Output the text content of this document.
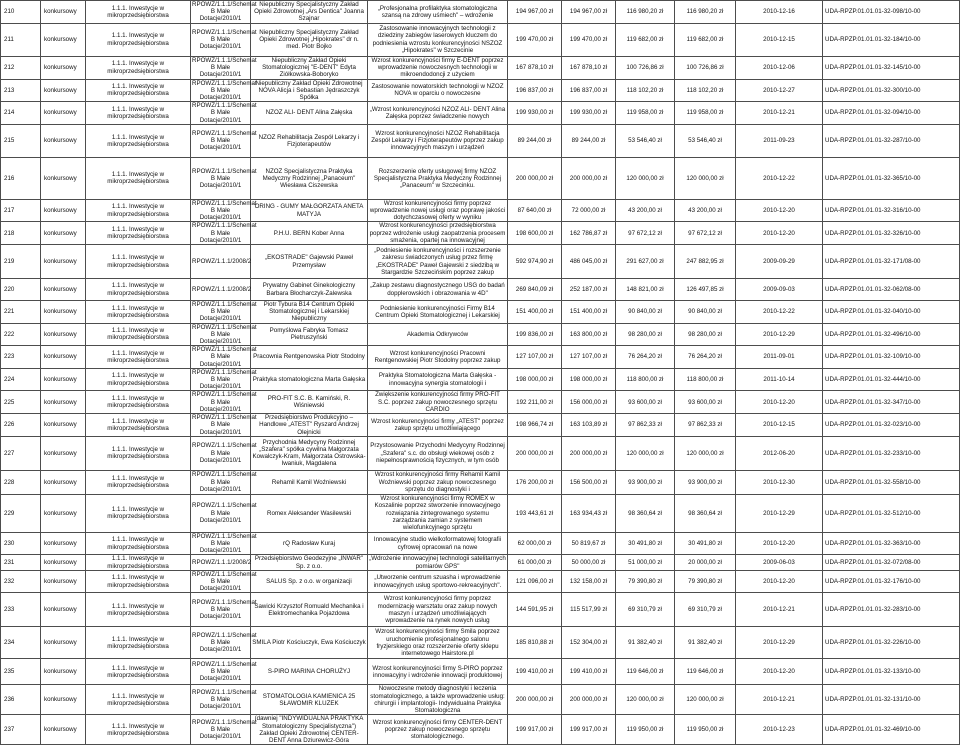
210	konkursowy	1.1.1. Inwestycje w mikroprzedsiębiorstwa	RPOWZ/1.1.1/Schemat B Małe Dotacje/2010/1	Niepubliczny Specjalistyczny Zakład Opieki Zdrowotnej „Ars Dentica" Joanna Szajnar	„Profesjonalna profilaktyka stomatologiczna szansą na zdrowy uśmiech" – wdrożenie	194 967,00 zł	194 967,00 zł	116 980,20 zł	116 980,20 zł	2010-12-16	UDA-RPZP.01.01.01-32-098/10-00

211	konkursowy	1.1.1. Inwestycje w mikroprzedsiębiorstwa	RPOWZ/1.1.1/Schemat B Małe Dotacje/2010/1	Niepubliczny Specjalistyczny Zakład Opieki Zdrowotnej „Hipokrates" dr n. med. Piotr Bojko	Zastosowanie innowacyjnych technologii z dziedziny zabiegów laserowych kluczem do podniesienia wzrostu konkurencyjności NSZOZ „Hipokrates" w Szczecinie	199 470,00 zł	199 470,00 zł	119 682,00 zł	119 682,00 zł	2010-12-15	UDA-RPZP.01.01.01-32-184/10-00

212	konkursowy	1.1.1. Inwestycje w mikroprzedsiębiorstwa	RPOWZ/1.1.1/Schemat B Małe Dotacje/2010/1	Niepubliczny Zakład Opieki Stomatologicznej "E-DENT" Edyta Ziółkowska-Boboryko	Wzrost konkurencyjności firmy E-DENT poprzez wprowadzenie nowoczesnych technologii w mikroendodoncji z użyciem	167 878,10 zł	167 878,10 zł	100 726,86 zł	100 726,86 zł	2010-12-06	UDA-RPZP.01.01.01-32-145/10-00

213	konkursowy	1.1.1. Inwestycje w mikroprzedsiębiorstwa	RPOWZ/1.1.1/Schemat B Małe Dotacje/2010/1	Niepubliczny Zakład Opieki Zdrowotnej NOVA Alicja i Sebastian Jędraszczyk Spółka	Zastosowanie nowatorskich technologii w NZOZ NOVA w oparciu o nowoczesne	196 837,00 zł	196 837,00 zł	118 102,20 zł	118 102,20 zł	2010-12-27	UDA-RPZP.01.01.01-32-300/10-00

214	konkursowy	1.1.1. Inwestycje w mikroprzedsiębiorstwa	RPOWZ/1.1.1/Schemat B Małe Dotacje/2010/1	NZOZ ALI- DENT Alina Załęska	„Wzrost konkurencyjności NZOZ ALI- DENT Alina Załęska poprzez świadczenie nowych	199 930,00 zł	199 930,00 zł	119 958,00 zł	119 958,00 zł	2010-12-21	UDA-RPZP.01.01.01-32-094/10-00

215	konkursowy	1.1.1. Inwestycje w mikroprzedsiębiorstwa	RPOWZ/1.1.1/Schemat B Małe Dotacje/2010/1	NZOZ Rehabilitacja Zespół Lekarzy i Fizjoterapeutów	Wzrost konkurencyjności NZOZ Rehabilitacja Zespół Lekarzy i Fizjoterapeutów poprzez zakup innowacyjnych maszyn i urządzeń	89 244,00 zł	89 244,00 zł	53 546,40 zł	53 546,40 zł	2011-09-23	UDA-RPZP.01.01.01-32-287/10-00

216	konkursowy	1.1.1. Inwestycje w mikroprzedsiębiorstwa	RPOWZ/1.1.1/Schemat B Małe Dotacje/2010/1	NZOZ Specjalistyczna Praktyka Medyczny Rodzinnej „Panaceum" Wiesława Ciszewska	Rozszerzenie oferty usługowej firmy NZOZ Specjalistyczna Praktyka Medyczny Rodzinnej „Panaceum" w Szczecinku.	200 000,00 zł	200 000,00 zł	120 000,00 zł	120 000,00 zł	2010-12-22	UDA-RPZP.01.01.01-32-365/10-00

217	konkursowy	1.1.1. Inwestycje w mikroprzedsiębiorstwa	RPOWZ/1.1.1/Schemat B Małe Dotacje/2010/1	ORING - GUMY MAŁGORZATA ANETA MATYJA	Wzrost konkurencyjności firmy poprzez wprowadzenie nowej usługi oraz poprawę jakości dotychczasowej oferty w wyniku	87 640,00 zł	72 000,00 zł	43 200,00 zł	43 200,00 zł	2010-12-20	UDA-RPZP.01.01.01-32-316/10-00

218	konkursowy	1.1.1. Inwestycje w mikroprzedsiębiorstwa	RPOWZ/1.1.1/Schemat B Małe Dotacje/2010/1	P.H.U. BERN Kober Anna	Wzrost konkurencyjności przedsiębiorstwa poprzez wdrożenie usługi zaopatrzenia procesem smażenia, opartej na innowacyjnej	198 600,00 zł	162 786,87 zł	97 672,12 zł	97 672,12 zł	2010-12-20	UDA-RPZP.01.01.01-32-326/10-00

219	konkursowy	1.1.1. Inwestycje w mikroprzedsiębiorstwa	RPOWZ/1.1.1/2008/2	„EKOSTRADE" Gajewski Paweł Przemysław	„Podniesienie konkurencyjności i rozszerzenie zakresu świadczonych usług przez firmę „EKOSTRADE" Paweł Gajewski z siedzibą w Stargardzie Szczecińskim poprzez zakup	592 974,90 zł	486 045,00 zł	291 627,00 zł	247 882,95 zł	2009-09-29	UDA-RPZP.01.01.01-32-171/08-00

220	konkursowy	1.1.1. Inwestycje w mikroprzedsiębiorstwa	RPOWZ/1.1.1/2008/2	Prywatny Gabinet Ginekologiczny Barbara Błocharczyk-Zalewska	„Zakup zestawu diagnostycznego USG do badań dopplerowskich i obrazowania w 4D"	269 840,09 zł	252 187,00 zł	148 821,00 zł	126 497,85 zł	2009-09-03	UDA-RPZP.01.01.01-32-062/08-00

221	konkursowy	1.1.1. Inwestycje w mikroprzedsiębiorstwa	RPOWZ/1.1.1/Schemat B Małe Dotacje/2010/1	Piotr Tybura B14 Centrum Opieki Stomatologicznej i Lekarskiej Niepubliczny	Podniesienie konkurencyjności Firmy B14 Centrum Opieki Stomatologicznej i Lekarskiej	151 400,00 zł	151 400,00 zł	90 840,00 zł	90 840,00 zł	2010-12-22	UDA-RPZP.01.01.01-32-040/10-00

222	konkursowy	1.1.1. Inwestycje w mikroprzedsiębiorstwa	RPOWZ/1.1.1/Schemat B Małe Dotacje/2010/1	Pomyślowa Fabryka Tomasz Pietruszyński	Akademia Odkrywców	199 836,00 zł	163 800,00 zł	98 280,00 zł	98 280,00 zł	2010-12-29	UDA-RPZP.01.01.01-32-496/10-00

223	konkursowy	1.1.1. Inwestycje w mikroprzedsiębiorstwa	RPOWZ/1.1.1/Schemat B Małe Dotacje/2010/1	Pracownia Rentgenowska Piotr Stodolny	Wzrost konkurencyjności Pracowni Rentgenowskiej Piotr Stodolny poprzez zakup	127 107,00 zł	127 107,00 zł	76 264,20 zł	76 264,20 zł	2011-09-01	UDA-RPZP.01.01.01-32-109/10-00

224	konkursowy	1.1.1. Inwestycje w mikroprzedsiębiorstwa	RPOWZ/1.1.1/Schemat B Małe Dotacje/2010/1	Praktyka stomatologiczna Marta Gałęska	Praktyka Stomatologiczna Marta Gałęska - innowacyjna synergia stomatologii i	198 000,00 zł	198 000,00 zł	118 800,00 zł	118 800,00 zł	2011-10-14	UDA-RPZP.01.01.01-32-444/10-00

225	konkursowy	1.1.1. Inwestycje w mikroprzedsiębiorstwa	RPOWZ/1.1.1/Schemat B Małe Dotacje/2010/1	PRO-FIT S.C. B. Kamiński, R. Wiśniewski	Zwiększenie konkurencyjności firmy PRO-FIT S.C. poprzez zakup nowoczesnego sprzętu CARDIO	192 211,00 zł	156 000,00 zł	93 600,00 zł	93 600,00 zł	2010-12-20	UDA-RPZP.01.01.01-32-347/10-00

226	konkursowy	1.1.1. Inwestycje w mikroprzedsiębiorstwa	RPOWZ/1.1.1/Schemat B Małe Dotacje/2010/1	Przedsiębiorstwo Produkcyjno – Handlowe „ATEST" Ryszard Andrzej Olejnicki	Wzrost konkurencyjności firmy „ATEST" poprzez zakup sprzętu umożliwiającego	198 966,74 zł	163 103,89 zł	97 862,33 zł	97 862,33 zł	2010-12-15	UDA-RPZP.01.01.01-32-023/10-00

227	konkursowy	1.1.1. Inwestycje w mikroprzedsiębiorstwa	RPOWZ/1.1.1/Schemat B Małe Dotacje/2010/1	Przychodnia Medycyny Rodzinnej „Szafera" spółka cywilna Małgorzata Kowalczyk-Kram, Małgorzata Ostrowska-Iwaniuk, Magdalena	Przystosowanie Przychodni Medycyny Rodzinnej „Szafera" s.c. do obsługi wiekowej osób z niepełnosprawnością fizycznych, w tym osób	200 000,00 zł	200 000,00 zł	120 000,00 zł	120 000,00 zł	2012-06-20	UDA-RPZP.01.01.01-32-233/10-00

228	konkursowy	1.1.1. Inwestycje w mikroprzedsiębiorstwa	RPOWZ/1.1.1/Schemat B Małe Dotacje/2010/1	Rehamil Kamil Woźniewski	Wzrost konkurencyjności firmy Rehamil Kamil Woźniewski poprzez zakup nowoczesnego sprzętu do diagnostyki i	176 200,00 zł	156 500,00 zł	93 900,00 zł	93 900,00 zł	2010-12-30	UDA-RPZP.01.01.01-32-558/10-00

229	konkursowy	1.1.1. Inwestycje w mikroprzedsiębiorstwa	RPOWZ/1.1.1/Schemat B Małe Dotacje/2010/1	Romex Aleksander Wasilewski	Wzrost konkurencyjności firmy ROMEX w Koszalinie poprzez stworzenie innowacyjnego rozwiązania zintegrowanego systemu zarządzania zamian z systemem wielofunkcyjnego sprzętu	193 443,61 zł	163 934,43 zł	98 360,64 zł	98 360,64 zł	2010-12-29	UDA-RPZP.01.01.01-32-512/10-00

230	konkursowy	1.1.1. Inwestycje w mikroprzedsiębiorstwa	RPOWZ/1.1.1/Schemat B Małe Dotacje/2010/1	rQ Radosław Kuraj	Innowacyjne studio wielkoformatowej fotografii cyfrowej opracowań na nowe	62 000,00 zł	50 819,67 zł	30 491,80 zł	30 491,80 zł	2010-12-20	UDA-RPZP.01.01.01-32-363/10-00

231	konkursowy	1.1.1. Inwestycje w mikroprzedsiębiorstwa	RPOWZ/1.1.1/2008/2	Przedsiębiorstwo Geodezyjne „INWAR" Sp. z o.o.	„Wdrożenie innowacyjnej technologii satelitarnych pomiarów GPS"	61 000,00 zł	50 000,00 zł	51 000,00 zł	20 000,00 zł	2009-06-03	UDA-RPZP.01.01.01-32-072/08-00

232	konkursowy	1.1.1. Inwestycje w mikroprzedsiębiorstwa	RPOWZ/1.1.1/Schemat B Małe Dotacje/2010/1	SALUS Sp. z o.o. w organizacji	„Utworzenie centrum szuasha i wprowadzenie innowacyjnych usług sportowo-rekreacyjnych".	121 096,00 zł	132 158,00 zł	79 390,80 zł	79 390,80 zł	2010-12-20	UDA-RPZP.01.01.01-32-176/10-00

233	konkursowy	1.1.1. Inwestycje w mikroprzedsiębiorstwa	RPOWZ/1.1.1/Schemat B Małe Dotacje/2010/1	Sawicki Krzysztof Romuald Mechanika i Elektromechanika Pojazdowa	Wzrost konkurencyjności firmy poprzez modernizację warsztatu oraz zakup nowych maszyn i urządzeń umożliwiających wprowadzenie na rynek nowych usług	144 591,95 zł	115 517,99 zł	69 310,79 zł	69 310,79 zł	2010-12-21	UDA-RPZP.01.01.01-32-283/10-00

234	konkursowy	1.1.1. Inwestycje w mikroprzedsiębiorstwa	RPOWZ/1.1.1/Schemat B Małe Dotacje/2010/1	SMILA Piotr Kościuczyk, Ewa Kościuczyk	Wzrost konkurencyjności firmy Smila poprzez uruchomienie profesjonalnego salonu fryzjerskiego oraz rozszerzenie oferty sklepu internetowego Hairstore.pl	185 810,88 zł	152 304,00 zł	91 382,40 zł	91 382,40 zł	2010-12-29	UDA-RPZP.01.01.01-32-226/10-00

235	konkursowy	1.1.1. Inwestycje w mikroprzedsiębiorstwa	RPOWZ/1.1.1/Schemat B Małe Dotacje/2010/1	S-PIRO MARINA CHORUŻYJ	Wzrost konkurencyjności firmy S-PIRO poprzez innowacyjny i wdrożenie innowacji produktowej	199 410,00 zł	199 410,00 zł	119 646,00 zł	119 646,00 zł	2010-12-20	UDA-RPZP.01.01.01-32-133/10-00

236	konkursowy	1.1.1. Inwestycje w mikroprzedsiębiorstwa	RPOWZ/1.1.1/Schemat B Małe Dotacje/2010/1	STOMATOLOGIA KAMIENICA 25 SŁAWOMIR KLUZEK	Nowoczesne metody diagnostyki i leczenia stomatologicznego, a także wprowadzenie usług: chirurgii i implantologii- Indywidualna Praktyka Stomatologiczna	200 000,00 zł	200 000,00 zł	120 000,00 zł	120 000,00 zł	2010-12-21	UDA-RPZP.01.01.01-32-131/10-00

237	konkursowy	1.1.1. Inwestycje w mikroprzedsiębiorstwa	RPOWZ/1.1.1/Schemat B Małe Dotacje/2010/1	(dawniej "INDYWIDUALNA PRAKTYKA Stomatologiczny Specjalistyczna") Zakład Opieki Zdrowotnej CENTER-DENT Anna Dziurewicz-Góra	Wzrost konkurencyjności firmy CENTER-DENT poprzez zakup nowoczesnego sprzętu stomatologicznego.	199 917,00 zł	199 917,00 zł	119 950,00 zł	119 950,00 zł	2010-12-23	UDA-RPZP.01.01.01-32-469/10-00
